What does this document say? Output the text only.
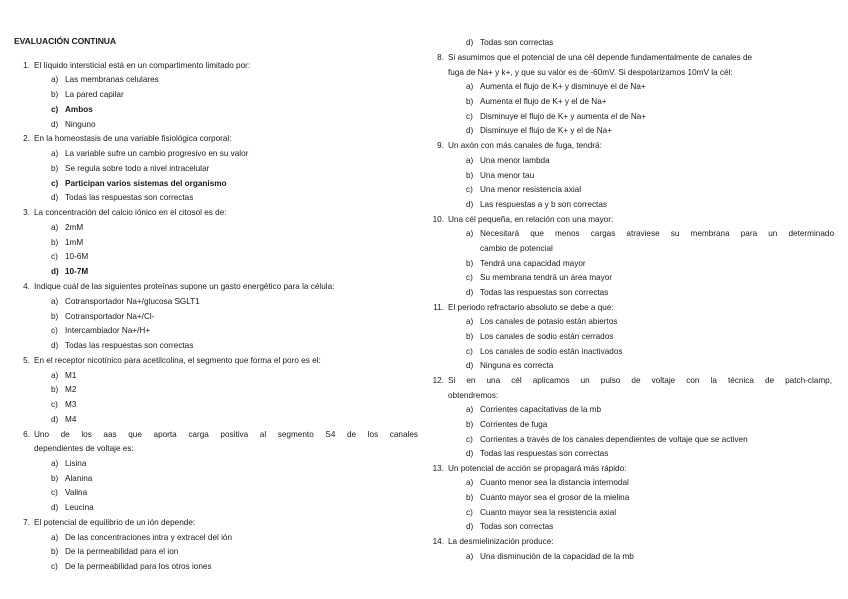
EVALUACIÓN CONTINUA
1. El líquido intersticial está en un compartimento limitado por:
a) Las membranas celulares
b) La pared capilar
c) Ambos
d) Ninguno
2. En la homeostasis de una variable fisiológica corporal:
a) La variable sufre un cambio progresivo en su valor
b) Se regula sobre todo a nivel intracelular
c) Participan varios sistemas del organismo
d) Todas las respuestas son correctas
3. La concentración del calcio iónico en el citosol es de:
a) 2mM
b) 1mM
c) 10-6M
d) 10-7M
4. Indique cuál de las siguientes proteínas supone un gasto energético para la célula:
a) Cotransportador Na+/glucosa SGLT1
b) Cotransportador Na+/Cl-
c) Intercambiador Na+/H+
d) Todas las respuestas son correctas
5. En el receptor nicotínico para acetilcolina, el segmento que forma el poro es el:
a) M1
b) M2
c) M3
d) M4
6. Uno de los aas que aporta carga positiva al segmento S4 de los canales
dependientes de voltaje es:
a) Lisina
b) Alanina
c) Valina
d) Leucina
7. El potencial de equilibrio de un ión depende:
a) De las concentraciones intra y extracel del ión
b) De la permeabilidad para el ion
c) De la permeabilidad para los otros iones
d) Todas son correctas
8. Si asumimos que el potencial de una cél depende fundamentalmente de canales de
fuga de Na+ y k+, y que su valor es de -60mV. Si despolarizamos 10mV la cél:
a) Aumenta el flujo de K+ y disminuye el de Na+
b) Aumenta el flujo de K+ y el de Na+
c) Disminuye el flujo de K+ y aumenta el de Na+
d) Disminuye el flujo de K+ y el de Na+
9. Un axón con más canales de fuga, tendrá:
a) Una menor lambda
b) Una menor tau
c) Una menor resistencia axial
d) Las respuestas a y b son correctas
10. Una cél pequeña, en relación con una mayor:
a) Necesitará que menos cargas atraviese su membrana para un determinado
cambio de potencial
b) Tendrá una capacidad mayor
c) Su membrana tendrá un área mayor
d) Todas las respuestas son correctas
11. El periodo refractario absoluto se debe a que:
a) Los canales de potasio están abiertos
b) Los canales de sodio están cerrados
c) Los canales de sodio están inactivados
d) Ninguna es correcta
12. Si en una cél aplicamos un pulso de voltaje con la técnica de patch-clamp,
obtendremos:
a) Corrientes capacitativas de la mb
b) Corrientes de fuga
c) Corrientes a través de los canales dependientes de voltaje que se activen
d) Todas las respuestas son correctas
13. Un potencial de acción se propagará más rápido:
a) Cuanto menor sea la distancia internodal
b) Cuanto mayor sea el grosor de la mielina
c) Cuanto mayor sea la resistencia axial
d) Todas son correctas
14. La desmielinización produce:
a) Una disminución de la capacidad de la mb
